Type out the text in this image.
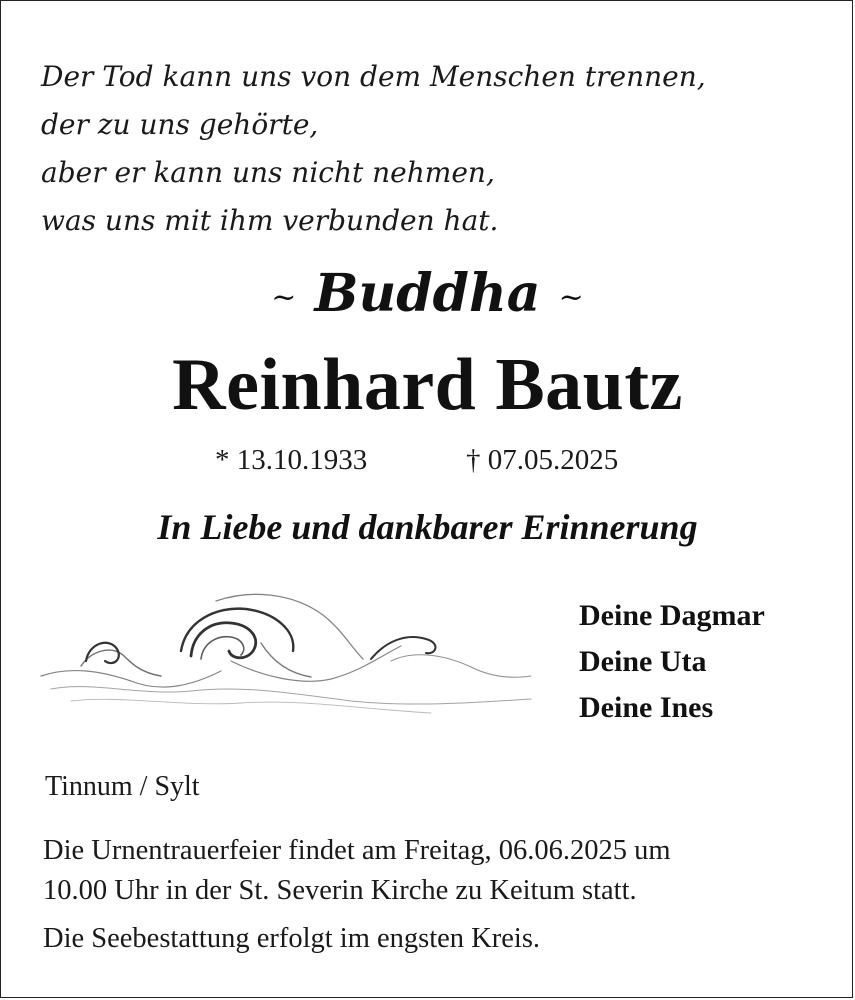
Der Tod kann uns von dem Menschen trennen,
der zu uns gehörte,
aber er kann uns nicht nehmen,
was uns mit ihm verbunden hat.
~ Buddha ~
Reinhard Bautz
* 13.10.1933	† 07.05.2025
In Liebe und dankbarer Erinnerung
Deine Dagmar
Deine Uta
Deine Ines
Tinnum / Sylt

Die Urnentrauerfeier findet am Freitag, 06.06.2025 um
10.00 Uhr in der St. Severin Kirche zu Keitum statt.

Die Seebestattung erfolgt im engsten Kreis.
